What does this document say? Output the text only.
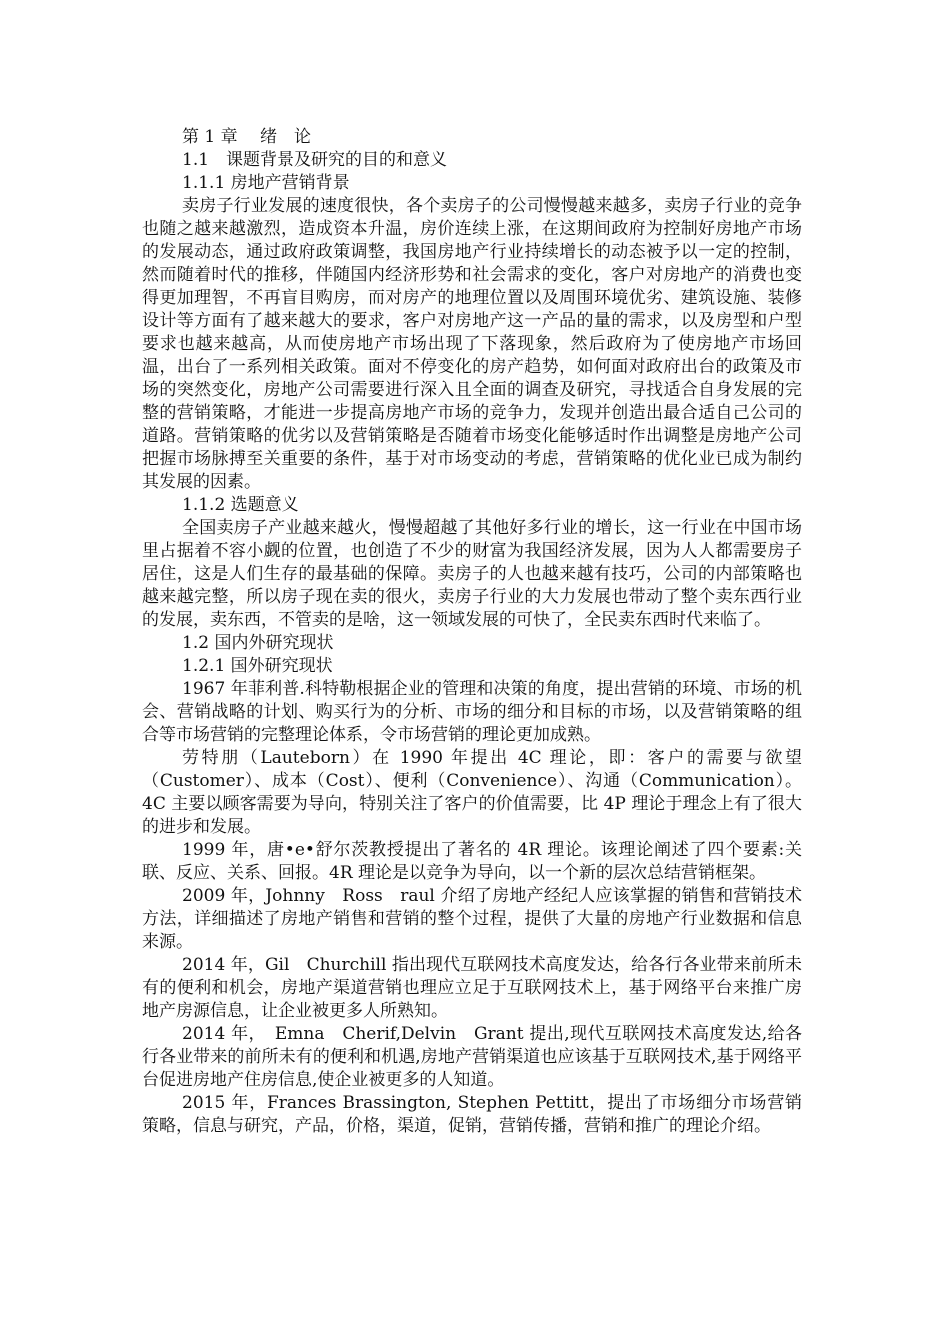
第 1 章　 绪　论

1.1　课题背景及研究的目的和意义

1.1.1 房地产营销背景

卖房子行业发展的速度很快，各个卖房子的公司慢慢越来越多，卖房子行业的竞争也随之越来越激烈，造成资本升温，房价连续上涨，在这期间政府为控制好房地产市场的发展动态，通过政府政策调整，我国房地产行业持续增长的动态被予以一定的控制，然而随着时代的推移，伴随国内经济形势和社会需求的变化，客户对房地产的消费也变得更加理智，不再盲目购房，而对房产的地理位置以及周围环境优劣、建筑设施、装修设计等方面有了越来越大的要求，客户对房地产这一产品的量的需求，以及房型和户型要求也越来越高，从而使房地产市场出现了下落现象，然后政府为了使房地产市场回温，出台了一系列相关政策。面对不停变化的房产趋势，如何面对政府出台的政策及市场的突然变化，房地产公司需要进行深入且全面的调查及研究，寻找适合自身发展的完整的营销策略，才能进一步提高房地产市场的竞争力，发现并创造出最合适自己公司的道路。营销策略的优劣以及营销策略是否随着市场变化能够适时作出调整是房地产公司把握市场脉搏至关重要的条件，基于对市场变动的考虑，营销策略的优化业已成为制约其发展的因素。

1.1.2 选题意义

全国卖房子产业越来越火，慢慢超越了其他好多行业的增长，这一行业在中国市场里占据着不容小觑的位置，也创造了不少的财富为我国经济发展，因为人人都需要房子居住，这是人们生存的最基础的保障。卖房子的人也越来越有技巧，公司的内部策略也越来越完整，所以房子现在卖的很火，卖房子行业的大力发展也带动了整个卖东西行业的发展，卖东西，不管卖的是啥，这一领域发展的可快了，全民卖东西时代来临了。

1.2 国内外研究现状

1.2.1 国外研究现状

1967 年菲利普.科特勒根据企业的管理和决策的角度，提出营销的环境、市场的机会、营销战略的计划、购买行为的分析、市场的细分和目标的市场，以及营销策略的组合等市场营销的完整理论体系，令市场营销的理论更加成熟。

劳特朋（Lauteborn）在 1990 年提出 4C 理论，即：客户的需要与欲望（Customer）、成本（Cost）、便利（Convenience）、沟通（Communication）。4C 主要以顾客需要为导向，特别关注了客户的价值需要，比 4P 理论于理念上有了很大的进步和发展。

1999 年，唐•e•舒尔茨教授提出了著名的 4R 理论。该理论阐述了四个要素:关联、反应、关系、回报。4R 理论是以竞争为导向，以一个新的层次总结营销框架。

2009 年，Johnny　Ross　raul 介绍了房地产经纪人应该掌握的销售和营销技术方法，详细描述了房地产销售和营销的整个过程，提供了大量的房地产行业数据和信息来源。

2014 年，Gil　Churchill 指出现代互联网技术高度发达，给各行各业带来前所未有的便利和机会，房地产渠道营销也理应立足于互联网技术上，基于网络平台来推广房地产房源信息，让企业被更多人所熟知。

2014 年，　Emna　Cherif,Delvin　Grant 提出,现代互联网技术高度发达,给各行各业带来的前所未有的便利和机遇,房地产营销渠道也应该基于互联网技术,基于网络平台促进房地产住房信息,使企业被更多的人知道。

2015 年，Frances Brassington, Stephen Pettitt，提出了市场细分市场营销策略，信息与研究，产品，价格，渠道，促销，营销传播，营销和推广的理论介绍。
